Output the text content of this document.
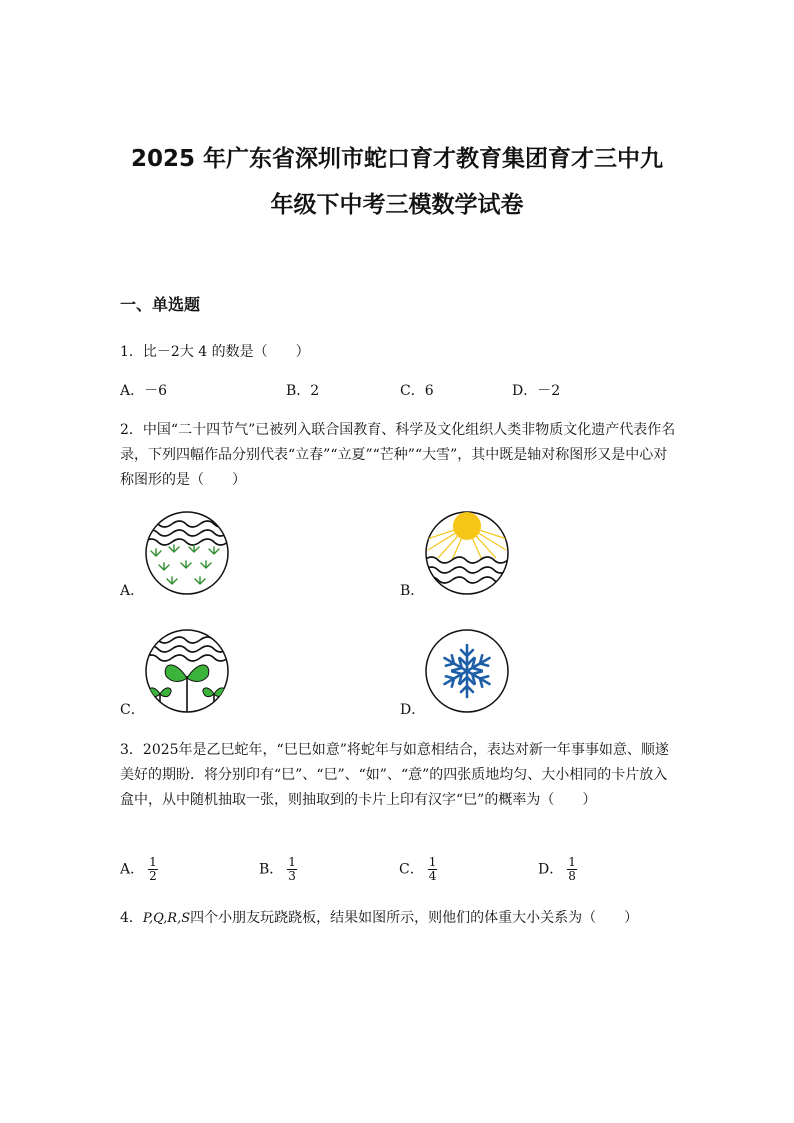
2025 年广东省深圳市蛇口育才教育集团育才三中九
年级下中考三模数学试卷
一、单选题
1．比－2大 4 的数是（　　）
A．－6	B．2	C．6	D．－2
2．中国“二十四节气”已被列入联合国教育、科学及文化组织人类非物质文化遗产代表作名录，下列四幅作品分别代表“立春”“立夏”“芒种”“大雪”，其中既是轴对称图形又是中心对称图形的是（　　）
A．	B．
C．	D．
3．2025年是乙巳蛇年，“巳巳如意”将蛇年与如意相结合，表达对新一年事事如意、顺遂美好的期盼．将分别印有“巳”、“巳”、“如”、“意”的四张质地均匀、大小相同的卡片放入盒中，从中随机抽取一张，则抽取到的卡片上印有汉字“巳”的概率为（　　）
A． $\frac{1}{2}$	B． $\frac{1}{3}$	C． $\frac{1}{4}$	D． $\frac{1}{8}$
4．P,Q,R,S四个小朋友玩跷跷板，结果如图所示，则他们的体重大小关系为（　　）
